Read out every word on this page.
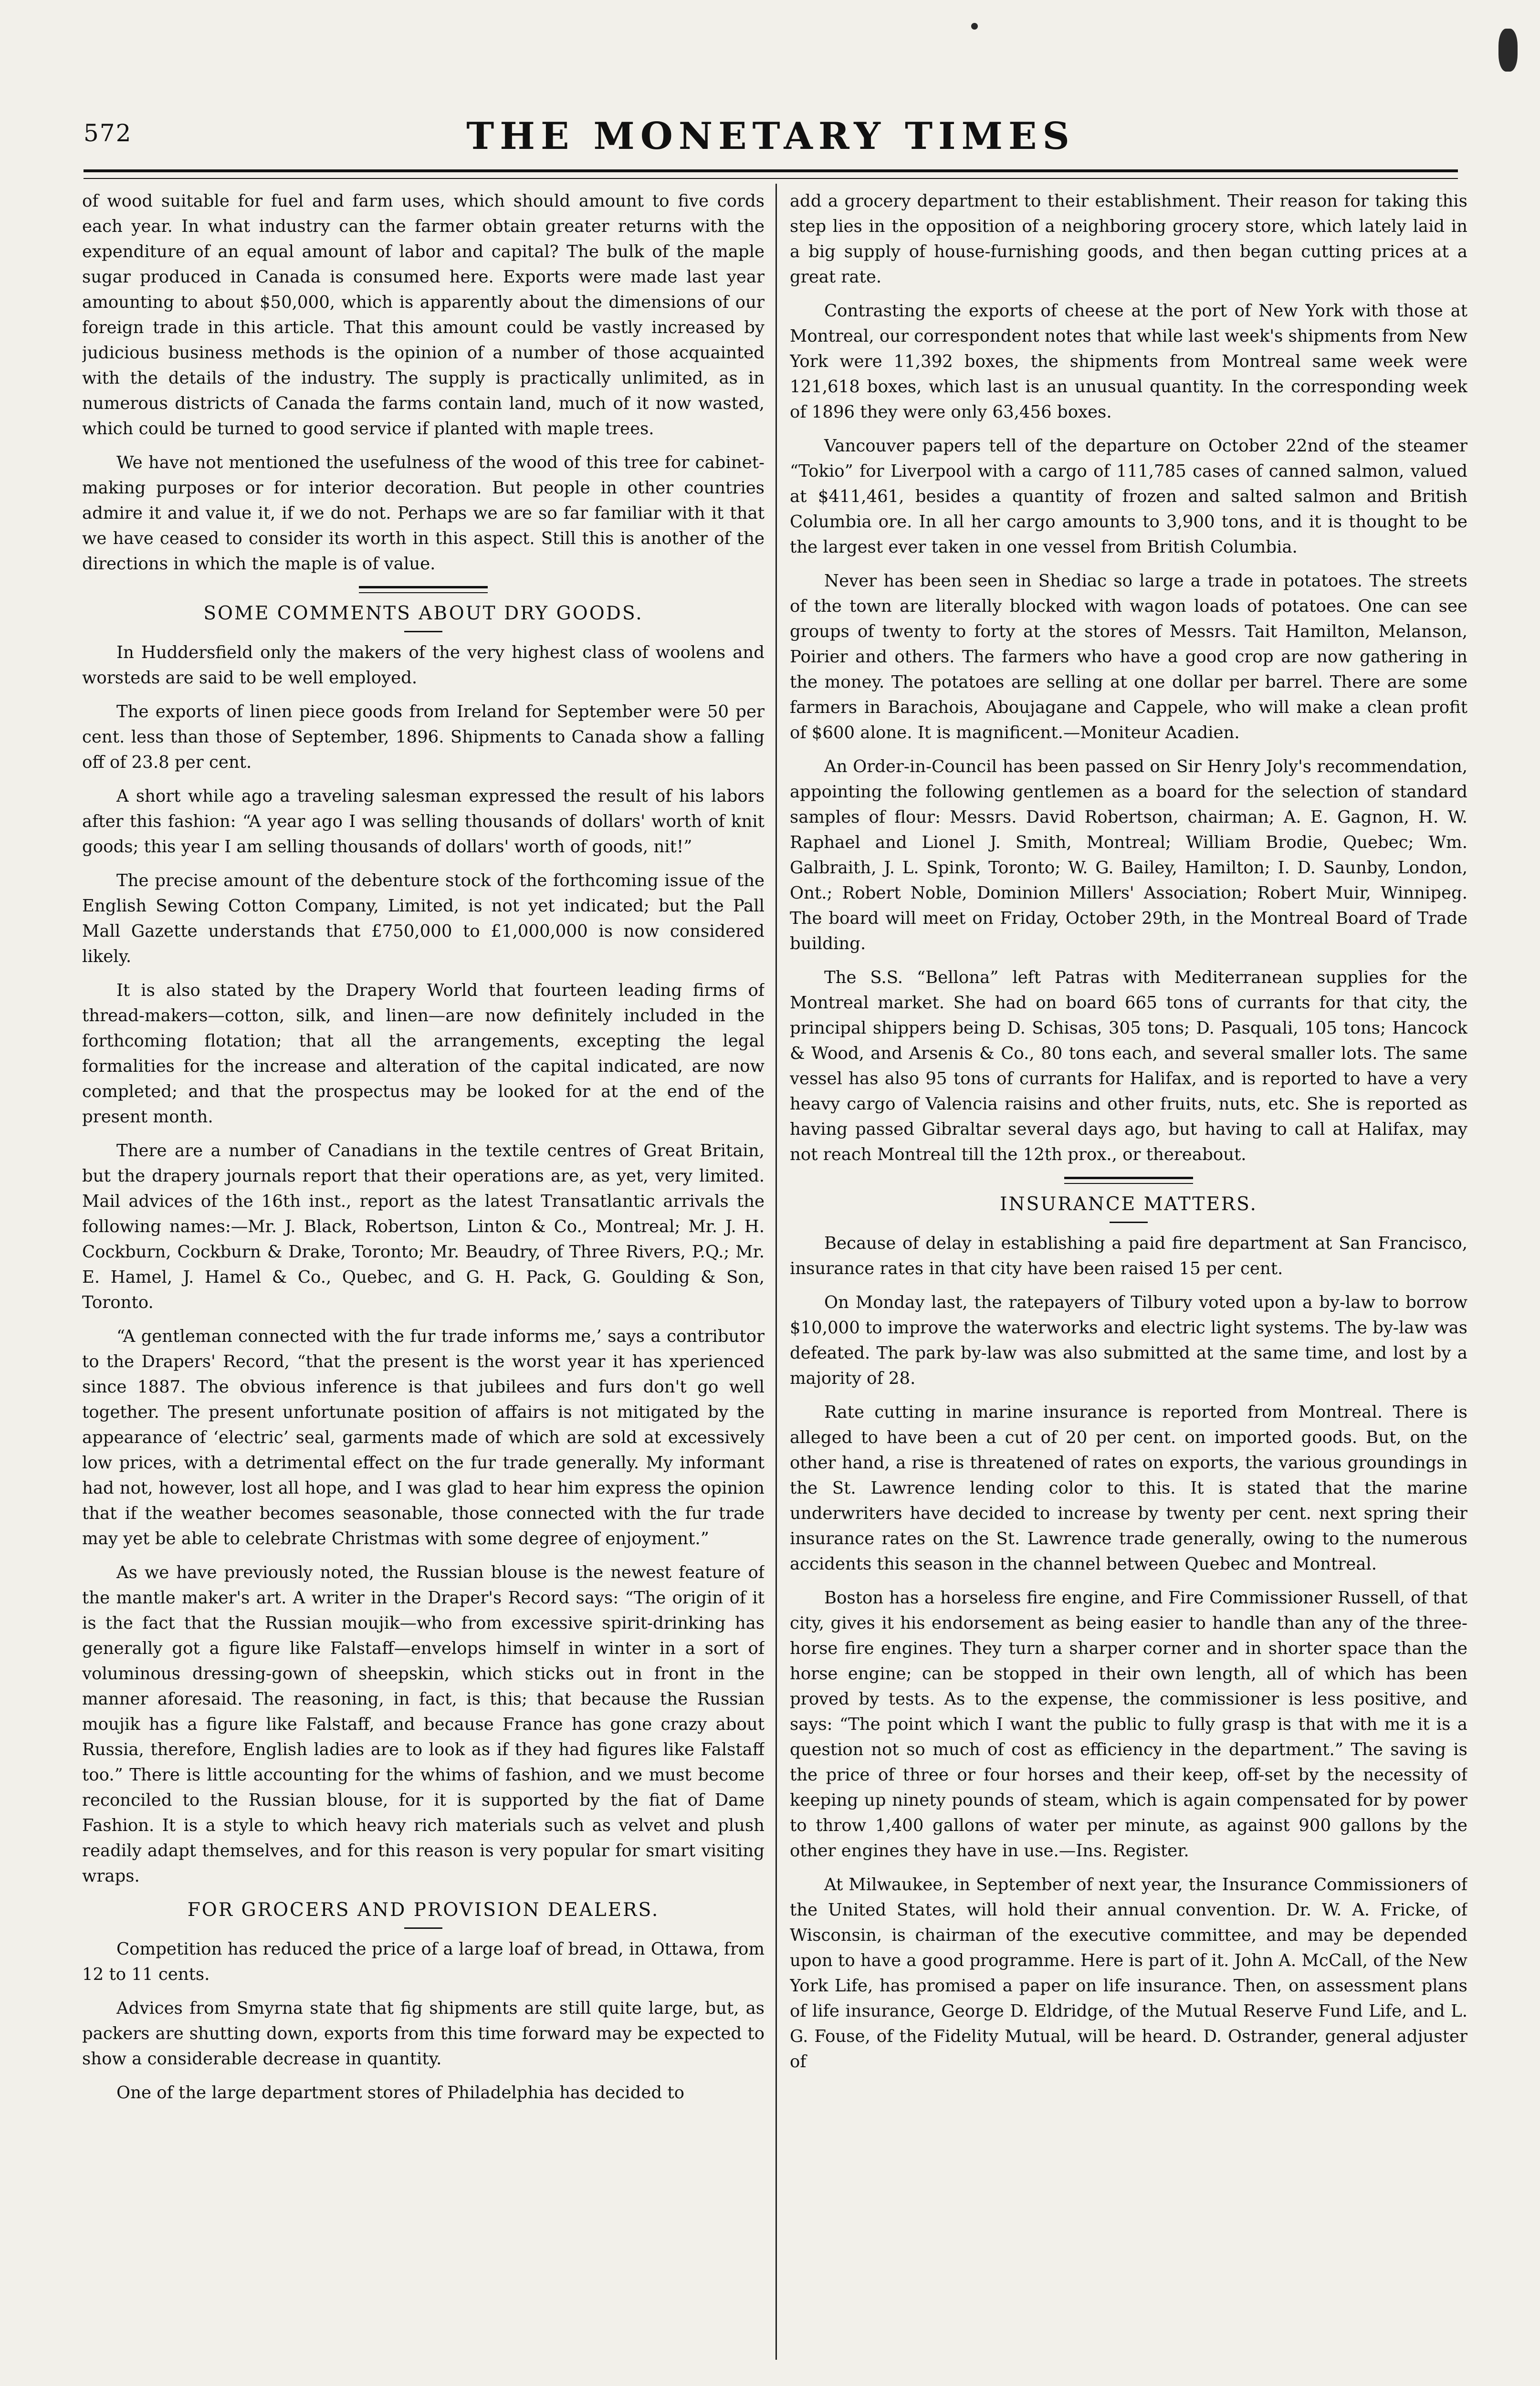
572	THE MONETARY TIMES

of wood suitable for fuel and farm uses, which should amount to five cords each year. In what industry can the farmer obtain greater returns with the expenditure of an equal amount of labor and capital? The bulk of the maple sugar produced in Canada is consumed here. Exports were made last year amounting to about $50,000, which is apparently about the dimensions of our foreign trade in this article. That this amount could be vastly increased by judicious business methods is the opinion of a number of those acquainted with the details of the industry. The supply is practically unlimited, as in numerous districts of Canada the farms contain land, much of it now wasted, which could be turned to good service if planted with maple trees.

We have not mentioned the usefulness of the wood of this tree for cabinet-making purposes or for interior decoration. But people in other countries admire it and value it, if we do not. Perhaps we are so far familiar with it that we have ceased to consider its worth in this aspect. Still this is another of the directions in which the maple is of value.

SOME COMMENTS ABOUT DRY GOODS.

In Huddersfield only the makers of the very highest class of woolens and worsteds are said to be well employed.

The exports of linen piece goods from Ireland for September were 50 per cent. less than those of September, 1896. Shipments to Canada show a falling off of 23.8 per cent.

A short while ago a traveling salesman expressed the result of his labors after this fashion: “A year ago I was selling thousands of dollars' worth of knit goods; this year I am selling thousands of dollars' worth of goods, nit!”

The precise amount of the debenture stock of the forthcoming issue of the English Sewing Cotton Company, Limited, is not yet indicated; but the Pall Mall Gazette understands that £750,000 to £1,000,000 is now considered likely.

It is also stated by the Drapery World that fourteen leading firms of thread-makers—cotton, silk, and linen—are now definitely included in the forthcoming flotation; that all the arrangements, excepting the legal formalities for the increase and alteration of the capital indicated, are now completed; and that the prospectus may be looked for at the end of the present month.

There are a number of Canadians in the textile centres of Great Britain, but the drapery journals report that their operations are, as yet, very limited. Mail advices of the 16th inst., report as the latest Transatlantic arrivals the following names:—Mr. J. Black, Robertson, Linton & Co., Montreal; Mr. J. H. Cockburn, Cockburn & Drake, Toronto; Mr. Beaudry, of Three Rivers, P.Q.; Mr. E. Hamel, J. Hamel & Co., Quebec, and G. H. Pack, G. Goulding & Son, Toronto.

“A gentleman connected with the fur trade informs me,’ says a contributor to the Drapers' Record, “that the present is the worst year it has xperienced since 1887. The obvious inference is that jubilees and furs don't go well together. The present unfortunate position of affairs is not mitigated by the appearance of ‘electric’ seal, garments made of which are sold at excessively low prices, with a detrimental effect on the fur trade generally. My informant had not, however, lost all hope, and I was glad to hear him express the opinion that if the weather becomes seasonable, those connected with the fur trade may yet be able to celebrate Christmas with some degree of enjoyment.”

As we have previously noted, the Russian blouse is the newest feature of the mantle maker's art. A writer in the Draper's Record says: “The origin of it is the fact that the Russian moujik—who from excessive spirit-drinking has generally got a figure like Falstaff—envelops himself in winter in a sort of voluminous dressing-gown of sheepskin, which sticks out in front in the manner aforesaid. The reasoning, in fact, is this; that because the Russian moujik has a figure like Falstaff, and because France has gone crazy about Russia, therefore, English ladies are to look as if they had figures like Falstaff too.” There is little accounting for the whims of fashion, and we must become reconciled to the Russian blouse, for it is supported by the fiat of Dame Fashion. It is a style to which heavy rich materials such as velvet and plush readily adapt themselves, and for this reason is very popular for smart visiting wraps.

FOR GROCERS AND PROVISION DEALERS.

Competition has reduced the price of a large loaf of bread, in Ottawa, from 12 to 11 cents.

Advices from Smyrna state that fig shipments are still quite large, but, as packers are shutting down, exports from this time forward may be expected to show a considerable decrease in quantity.

One of the large department stores of Philadelphia has decided to

add a grocery department to their establishment. Their reason for taking this step lies in the opposition of a neighboring grocery store, which lately laid in a big supply of house-furnishing goods, and then began cutting prices at a great rate.

Contrasting the exports of cheese at the port of New York with those at Montreal, our correspondent notes that while last week's shipments from New York were 11,392 boxes, the shipments from Montreal same week were 121,618 boxes, which last is an unusual quantity. In the corresponding week of 1896 they were only 63,456 boxes.

Vancouver papers tell of the departure on October 22nd of the steamer “Tokio” for Liverpool with a cargo of 111,785 cases of canned salmon, valued at $411,461, besides a quantity of frozen and salted salmon and British Columbia ore. In all her cargo amounts to 3,900 tons, and it is thought to be the largest ever taken in one vessel from British Columbia.

Never has been seen in Shediac so large a trade in potatoes. The streets of the town are literally blocked with wagon loads of potatoes. One can see groups of twenty to forty at the stores of Messrs. Tait Hamilton, Melanson, Poirier and others. The farmers who have a good crop are now gathering in the money. The potatoes are selling at one dollar per barrel. There are some farmers in Barachois, Aboujagane and Cappele, who will make a clean profit of $600 alone. It is magnificent.—Moniteur Acadien.

An Order-in-Council has been passed on Sir Henry Joly's recommendation, appointing the following gentlemen as a board for the selection of standard samples of flour: Messrs. David Robertson, chairman; A. E. Gagnon, H. W. Raphael and Lionel J. Smith, Montreal; William Brodie, Quebec; Wm. Galbraith, J. L. Spink, Toronto; W. G. Bailey, Hamilton; I. D. Saunby, London, Ont.; Robert Noble, Dominion Millers' Association; Robert Muir, Winnipeg. The board will meet on Friday, October 29th, in the Montreal Board of Trade building.

The S.S. “Bellona” left Patras with Mediterranean supplies for the Montreal market. She had on board 665 tons of currants for that city, the principal shippers being D. Schisas, 305 tons; D. Pasquali, 105 tons; Hancock & Wood, and Arsenis & Co., 80 tons each, and several smaller lots. The same vessel has also 95 tons of currants for Halifax, and is reported to have a very heavy cargo of Valencia raisins and other fruits, nuts, etc. She is reported as having passed Gibraltar several days ago, but having to call at Halifax, may not reach Montreal till the 12th prox., or thereabout.

INSURANCE MATTERS.

Because of delay in establishing a paid fire department at San Francisco, insurance rates in that city have been raised 15 per cent.

On Monday last, the ratepayers of Tilbury voted upon a by-law to borrow $10,000 to improve the waterworks and electric light systems. The by-law was defeated. The park by-law was also submitted at the same time, and lost by a majority of 28.

Rate cutting in marine insurance is reported from Montreal. There is alleged to have been a cut of 20 per cent. on imported goods. But, on the other hand, a rise is threatened of rates on exports, the various groundings in the St. Lawrence lending color to this. It is stated that the marine underwriters have decided to increase by twenty per cent. next spring their insurance rates on the St. Lawrence trade generally, owing to the numerous accidents this season in the channel between Quebec and Montreal.

Boston has a horseless fire engine, and Fire Commissioner Russell, of that city, gives it his endorsement as being easier to handle than any of the three-horse fire engines. They turn a sharper corner and in shorter space than the horse engine; can be stopped in their own length, all of which has been proved by tests. As to the expense, the commissioner is less positive, and says: “The point which I want the public to fully grasp is that with me it is a question not so much of cost as efficiency in the department.” The saving is the price of three or four horses and their keep, off-set by the necessity of keeping up ninety pounds of steam, which is again compensated for by power to throw 1,400 gallons of water per minute, as against 900 gallons by the other engines they have in use.—Ins. Register.

At Milwaukee, in September of next year, the Insurance Commissioners of the United States, will hold their annual convention. Dr. W. A. Fricke, of Wisconsin, is chairman of the executive committee, and may be depended upon to have a good programme. Here is part of it. John A. McCall, of the New York Life, has promised a paper on life insurance. Then, on assessment plans of life insurance, George D. Eldridge, of the Mutual Reserve Fund Life, and L. G. Fouse, of the Fidelity Mutual, will be heard. D. Ostrander, general adjuster of
